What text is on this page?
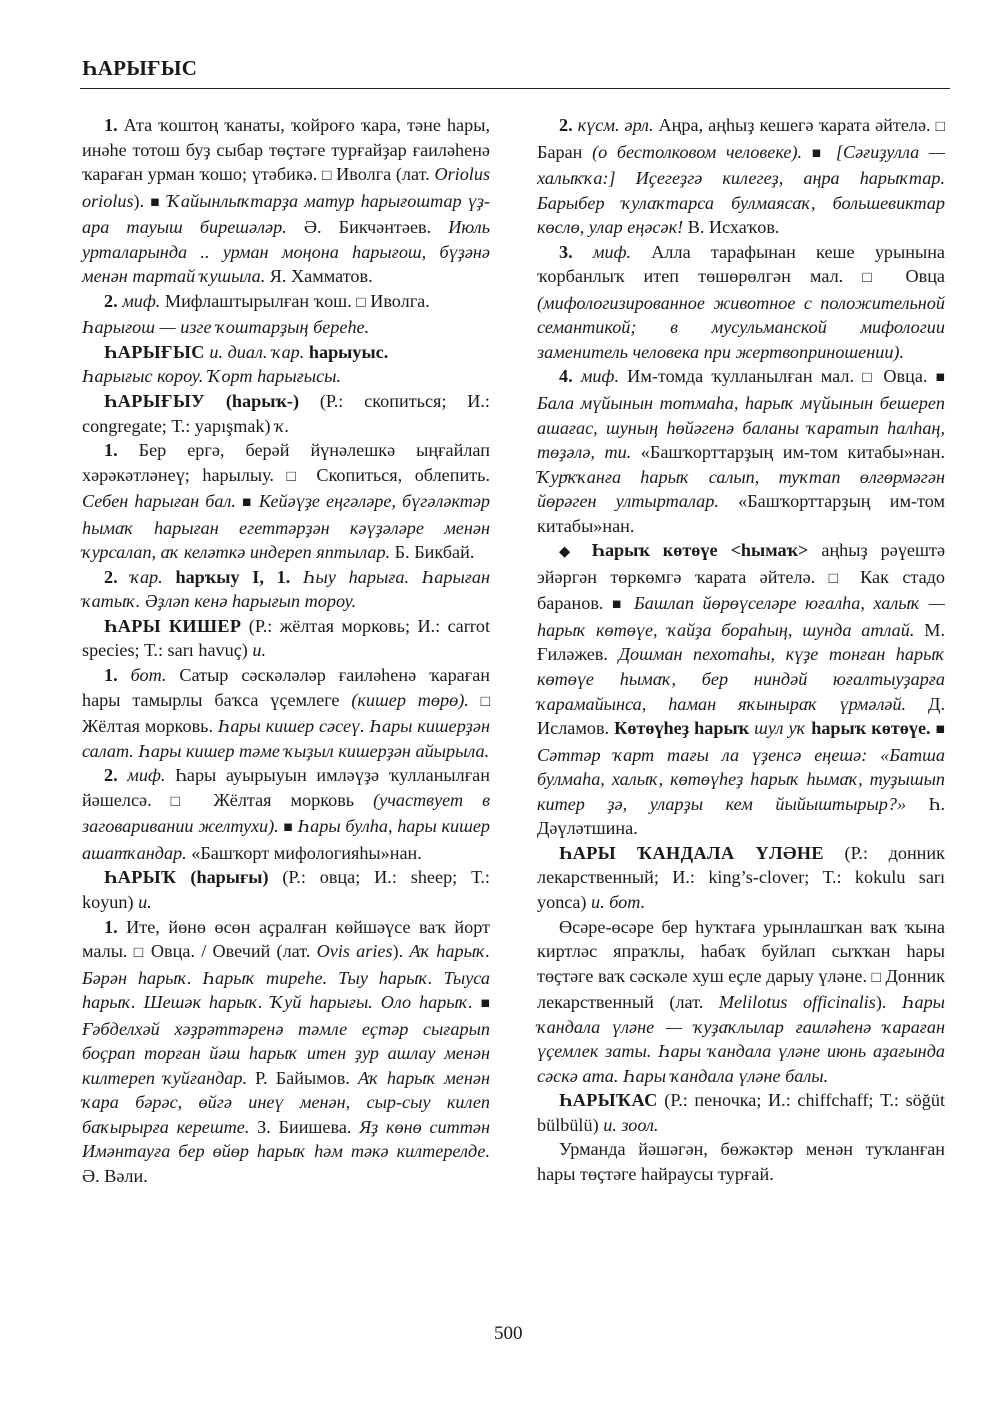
ҺАРЫҒЫС

1. Ата ҡоштоң ҡанаты, ҡойроғо ҡара, тәне һары, инәһе тотош буҙ сыбар төҫтәге турғайҙар ғаиләһенә ҡараған урман ҡошо; үтәбикә. □ Иволга (лат. Oriolus oriolus). ■ Ҡайынлыҡтарҙа матур һарығоштар үҙ-ара тауыш бирешәләр. Ә. Бикчәнтәев. Июль урталарында .. урман моңона һарығош, бүҙәнә менән тартай ҡушыла. Я. Хамматов.

2. миф. Мифлаштырылған ҡош. □ Иволга.

Һарығош — изге ҡоштарҙың береһе.

ҺАРЫҒЫС и. диал. ҡар. һарыуыс.

Һарығыс короу. Ҡорт һарығысы.

ҺАРЫҒЫУ (һарыҡ-) (Р.: скопиться; И.: congregate; Т.: yapışmak) ҡ.

1. Бер ергә, берәй йүнәлешкә ыңғайлап хәрәкәтләнеү; һарылыу. □ Скопиться, облепить. Себен һарыған бал. ■ Кейәүҙе еңгәләре, бүгәләктәр һымаҡ һарыған егеттәрҙән кәүҙәләре менән ҡурсалап, аҡ келәткә индереп яптылар. Б. Бикбай.

2. ҡар. һарҡыу I, 1. Һыу һарыға. Һарыған ҡатыҡ. Әҙләп кенә һарығып тороу.

ҺАРЫ КИШЕР (Р.: жёлтая морковь; И.: carrot species; Т.: sarı havuç) и.

1. бот. Сатыр сәскәләләр ғаиләһенә ҡараған һары тамырлы баҡса үҫемлеге (кишер төрө). □ Жёлтая морковь. Һары кишер сәсеү. Һары кишерҙән салат. Һары кишер тәме ҡыҙыл кишерҙән айырыла.

2. миф. Һары ауырыуын имләүҙә ҡулланылған йәшелсә. □ Жёлтая морковь (участвует в заговаривании желтухи). ■ Һары булһа, һары кишер ашатҡандар. «Башҡорт мифологияһы»нан.

ҺАРЫҠ (һарығы) (Р.: овца; И.: sheep; Т.: koyun) и.

1. Ите, йөнө өсөн аҫралған көйшәүсе ваҡ йорт малы. □ Овца. / Овечий (лат. Ovis aries). Аҡ һарыҡ. Бәрән һарыҡ. Һарыҡ тиреһе. Тыу һарыҡ. Тыуса һарыҡ. Шешәк һарыҡ. Ҡуй һарығы. Оло һарыҡ. ■ Ғәбделхәй хәҙрәттәренә тәмле еҫтәр сығарып боҫрап торған йәш һарыҡ итен ҙур ашлау менән килтереп ҡуйғандар. Р. Байымов. Аҡ һарыҡ менән ҡара бәрәс, өйгә инеү менән, сыр-сыу килеп баҡырырға кереште. З. Биишева. Яҙ көнө ситтән Имәнтауға бер өйөр һарыҡ һәм тәкә килтерелде. Ә. Вәли.

2. күсм. әрл. Аңра, аңһыҙ кешегә ҡарата әйтелә. □ Баран (о бестолковом человеке). ■ [Сәғиҙулла — халыҡҡа:] Иҫегеҙгә килегеҙ, аңра һарыҡтар. Барыбер ҡулаҡтарса булмаясаҡ, большевиктар көслө, улар еңәсәк! В. Исхаҡов.

3. миф. Алла тарафынан кеше урынына ҡорбанлыҡ итеп төшөрөлгән мал. □ Овца (мифологизированное животное с положительной семантикой; в мусульманской мифологии заменитель человека при жертвоприношении).

4. миф. Им-томда ҡулланылған мал. □ Овца. ■ Бала мүйынын тотмаһа, һарыҡ мүйынын бешереп ашағас, шуның һөйәгенә баланы ҡаратып һалһаң, төҙәлә, ти. «Башҡорттарҙың им-том китабы»нан. Ҡурҡҡанға һарыҡ салып, туҡтап өлгөрмәгән йөрәген ултырталар. «Башҡорттарҙың им-том китабы»нан.

◆ Һарыҡ көтөүе <һымаҡ> аңһыҙ рәүештә эйәргән төркөмгә ҡарата әйтелә. □ Как стадо баранов. ■ Башлап йөрөүселәре юғалһа, халыҡ — һарыҡ көтөүе, ҡайҙа бораһың, шунда атлай. М. Ғиләжев. Дошман пехотаһы, күҙе тонған һарыҡ көтөүе һымаҡ, бер ниндәй юғалтыуҙарға ҡарамайынса, һаман яҡыныраҡ үрмәләй. Д. Исламов. Көтөүһеҙ һарыҡ шул уҡ һарыҡ көтөүе. ■ Сәттәр ҡарт тағы ла үҙенсә еңешә: «Батша булмаһа, халыҡ, көтөүһеҙ һарыҡ һымаҡ, туҙышып китер ҙә, уларҙы кем йыйыштырыр?» Һ. Дәүләтшина.

ҺАРЫ ҠАНДАЛА ҮЛӘНЕ (Р.: донник лекарственный; И.: king’s-clover; Т.: kokulu sarı yonca) и. бот.

Өсәре-өсәре бер һуҡтаға урынлашҡан ваҡ ҡына киртләс япраҡлы, һабаҡ буйлап сыҡҡан һары төҫтәге ваҡ сәскәле хуш еҫле дарыу үләне. □ Донник лекарственный (лат. Melilotus officinalis). Һары ҡандала үләне — ҡуҙаҡлылар ғаиләһенә ҡараған үҫемлек заты. Һары ҡандала үләне июнь аҙағында сәскә ата. Һары ҡандала үләне балы.

ҺАРЫҠАС (Р.: пеночка; И.: chiffchaff; Т.: söğüt bülbülü) и. зоол.

Урманда йәшәгән, бөжәктәр менән туҡланған һары төҫтәге һайраусы турғай.

500
